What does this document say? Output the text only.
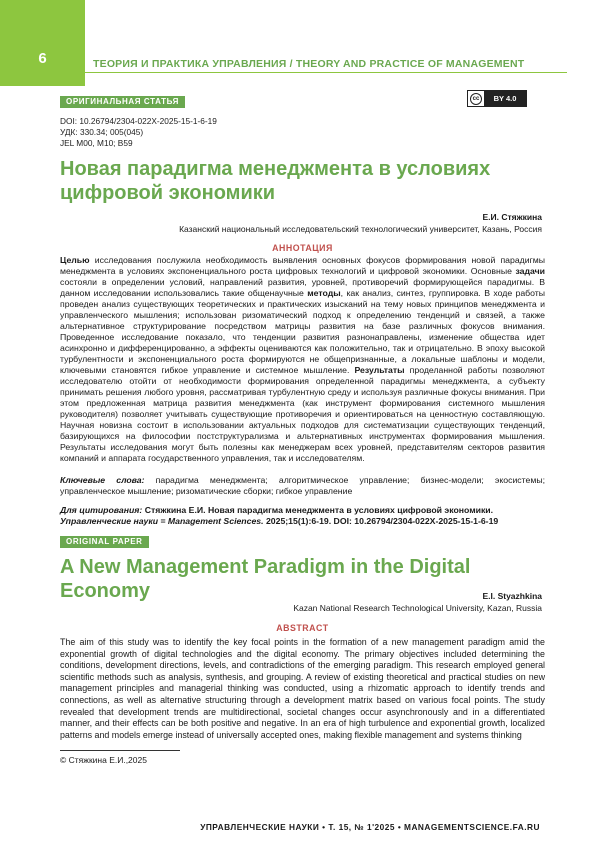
6	ТЕОРИЯ И ПРАКТИКА УПРАВЛЕНИЯ / THEORY AND PRACTICE OF MANAGEMENT
ОРИГИНАЛЬНАЯ СТАТЬЯ	cc	BY 4.0
DOI: 10.26794/2304-022X-2025-15-1-6-19
УДК: 330.34; 005(045)
JEL M00, M10; B59
Новая парадигма менеджмента в условиях цифровой экономики
Е.И. Стяжкина
Казанский национальный исследовательский технологический университет, Казань, Россия
АННОТАЦИЯ
Целью исследования послужила необходимость выявления основных фокусов формирования новой парадигмы менеджмента в условиях экспоненциального роста цифровых технологий и цифровой экономики. Основные задачи состояли в определении условий, направлений развития, уровней, противоречий формирующейся парадигмы. В данном исследовании использовались такие общенаучные методы, как анализ, синтез, группировка. В ходе работы проведен анализ существующих теоретических и практических изысканий на тему новых принципов менеджмента и управленческого мышления; использован ризоматический подход к определению тенденций и связей, а также альтернативное структурирование посредством матрицы развития на базе различных фокусов внимания. Проведенное исследование показало, что тенденции развития разнонаправлены, изменение общества идет асинхронно и дифференцированно, а эффекты оцениваются как положительно, так и отрицательно. В эпоху высокой турбулентности и экспоненциального роста формируются не общепризнанные, а локальные шаблоны и модели, ключевыми становятся гибкое управление и системное мышление. Результаты проделанной работы позволяют исследователю отойти от необходимости формирования определенной парадигмы менеджмента, а субъекту принимать решения любого уровня, рассматривая турбулентную среду и используя различные фокусы внимания. При этом предложенная матрица развития менеджмента (как инструмент формирования системного мышления руководителя) позволяет учитывать существующие противоречия и ориентироваться на ценностную составляющую. Научная новизна состоит в использовании актуальных подходов для систематизации существующих тенденций, базирующихся на философии постструктурализма и альтернативных инструментах формирования мышления. Результаты исследования могут быть полезны как менеджерам всех уровней, представителям секторов развития компаний и аппарата государственного управления, так и исследователям.
Ключевые слова: парадигма менеджмента; алгоритмическое управление; бизнес-модели; экосистемы; управленческое мышление; ризоматические сборки; гибкое управление
Для цитирования: Стяжкина Е.И. Новая парадигма менеджмента в условиях цифровой экономики. Управленческие науки = Management Sciences. 2025;15(1):6-19. DOI: 10.26794/2304-022X-2025-15-1-6-19
ORIGINAL PAPER
A New Management Paradigm in the Digital Economy	E.I. Styazhkina
Kazan National Research Technological University, Kazan, Russia
ABSTRACT
The aim of this study was to identify the key focal points in the formation of a new management paradigm amid the exponential growth of digital technologies and the digital economy. The primary objectives included determining the conditions, development directions, levels, and contradictions of the emerging paradigm. This research employed general scientific methods such as analysis, synthesis, and grouping. A review of existing theoretical and practical studies on new management principles and managerial thinking was conducted, using a rhizomatic approach to identify trends and connections, as well as alternative structuring through a development matrix based on various focal points. The study revealed that development trends are multidirectional, societal changes occur asynchronously and in a differentiated manner, and their effects can be both positive and negative. In an era of high turbulence and exponential growth, localized patterns and models emerge instead of universally accepted ones, making flexible management and systems thinking
© Стяжкина Е.И.,2025
УПРАВЛЕНЧЕСКИЕ НАУКИ • Т. 15, № 1'2025 • MANAGEMENTSCIENCE.FA.RU
